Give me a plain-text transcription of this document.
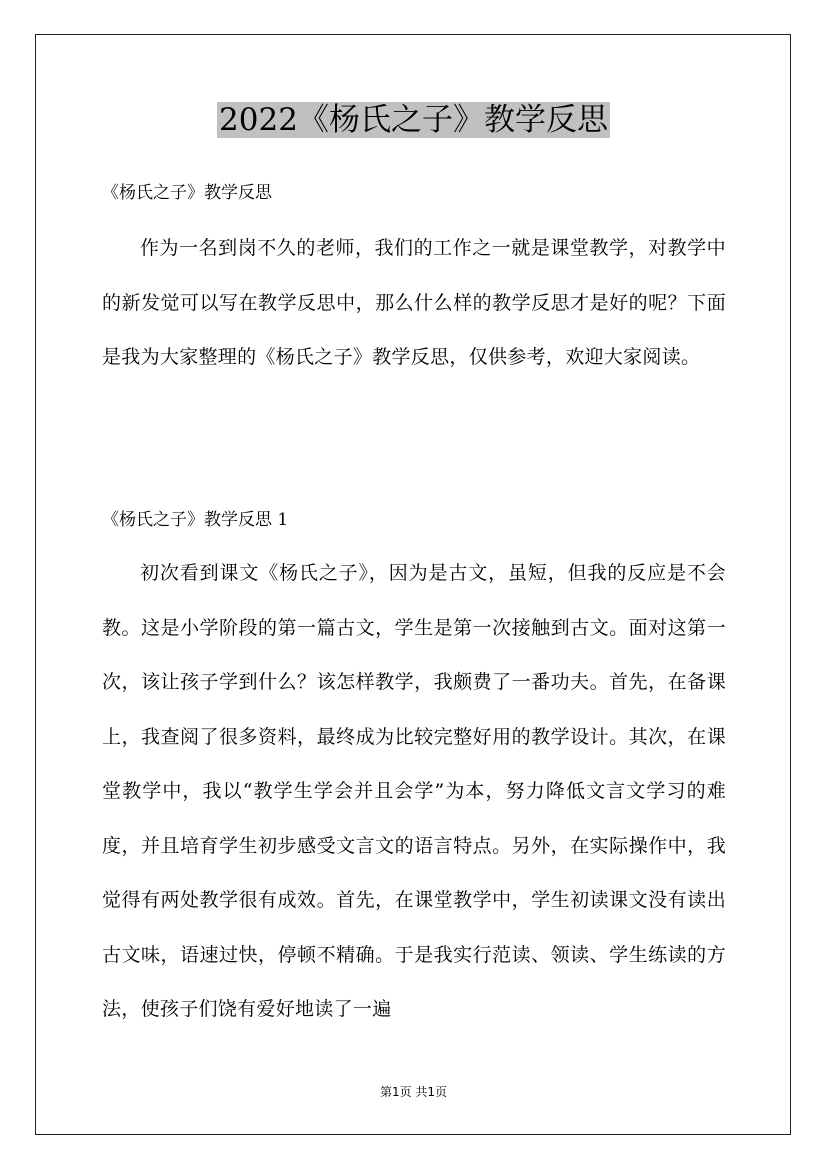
2022《杨氏之子》教学反思
《杨氏之子》教学反思

作为一名到岗不久的老师，我们的工作之一就是课堂教学，对教学中的新发觉可以写在教学反思中，那么什么样的教学反思才是好的呢？下面是我为大家整理的《杨氏之子》教学反思，仅供参考，欢迎大家阅读。

《杨氏之子》教学反思 1

初次看到课文《杨氏之子》，因为是古文，虽短，但我的反应是不会教。这是小学阶段的第一篇古文，学生是第一次接触到古文。面对这第一次，该让孩子学到什么？该怎样教学，我颇费了一番功夫。首先，在备课上，我查阅了很多资料，最终成为比较完整好用的教学设计。其次，在课堂教学中，我以“教学生学会并且会学”为本，努力降低文言文学习的难度，并且培育学生初步感受文言文的语言特点。另外，在实际操作中，我觉得有两处教学很有成效。首先，在课堂教学中，学生初读课文没有读出古文味，语速过快，停顿不精确。于是我实行范读、领读、学生练读的方法，使孩子们饶有爱好地读了一遍

第1页 共1页
